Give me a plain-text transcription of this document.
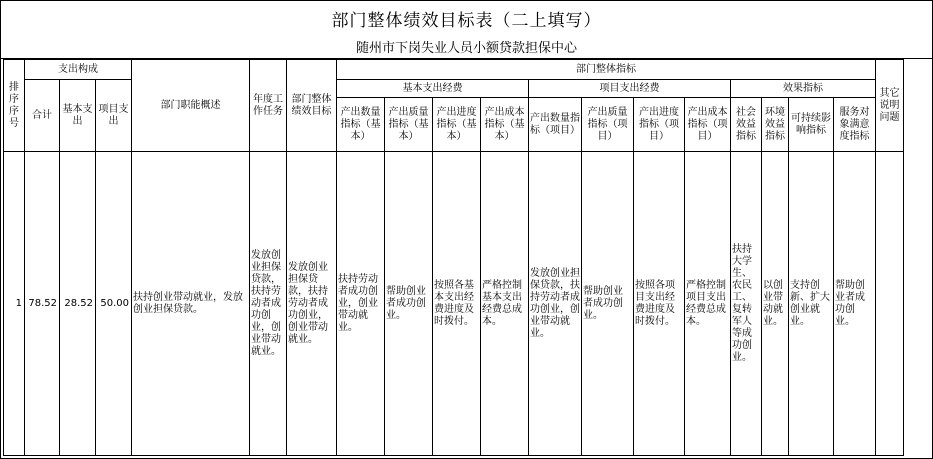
部门整体绩效目标表（二上填写）
随州市下岗失业人员小额贷款担保中心
排序序号	支出构成			部门职能概述	年度工作任务	部门整体绩效目标	部门整体指标												其它说明问题
	合计	基本支出	项目支出				基本支出经费				项目支出经费				效果指标				
							产出数量指标（基本）	产出质量指标（基本）	产出进度指标（基本）	产出成本指标（基本）	产出数量指标（项目）	产出质量指标（项目）	产出进度指标（项目）	产出成本指标（项目）	社会效益指标	环境效益指标	可持续影响指标	服务对象满意度指标	
1	78.52	28.52	50.00	扶持创业带动就业，发放创业担保贷款。	发放创业担保贷款，扶持劳动者成功创业，创业带动就业。	发放创业担保贷款，扶持劳动者成功创业，创业带动就业。	扶持劳动者成功创业，创业带动就业。	帮助创业者成功创业。	按照各基本支出经费进度及时拨付。	严格控制基本支出经费总成本。	发放创业担保贷款，扶持劳动者成功创业，创业带动就业。	帮助创业者成功创业。	按照各项目支出经费进度及时拨付。	严格控制项目支出经费总成本。	扶持大学生、农民工、复转军人等成功创业。	以创业带动就业。	支持创新、扩大创业就业。	帮助创业者成功创业。	
